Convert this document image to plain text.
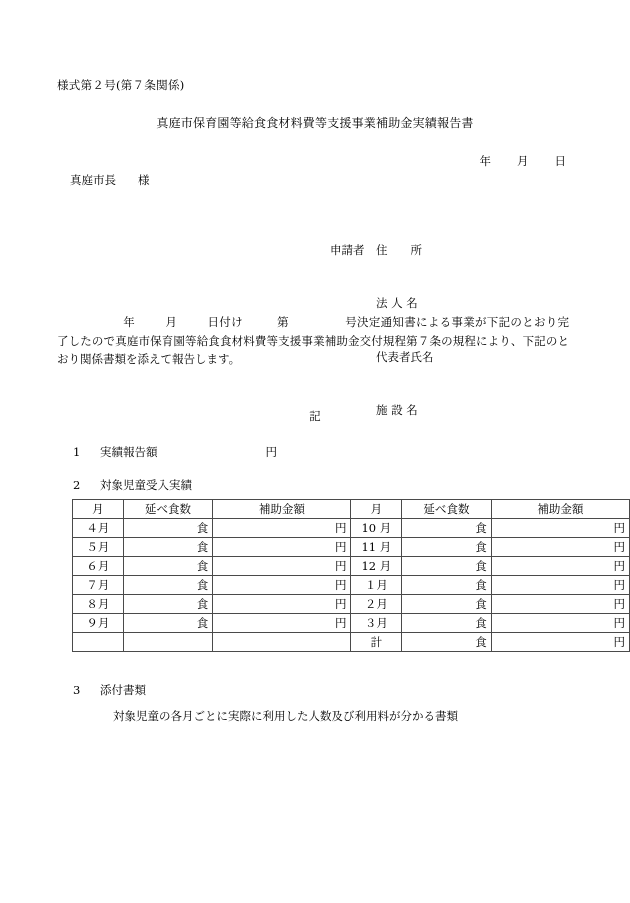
様式第２号(第７条関係)
真庭市保育園等給食食材料費等支援事業補助金実績報告書
年 月 日
真庭市長 様

申請者 住　　所

法 人 名

代表者氏名

施 設 名

年	月	日付け	第	号決定通知書による事業が下記のとおり完了したので真庭市保育園等給食食材料費等支援事業補助金交付規程第７条の規程により、下記のとおり関係書類を添えて報告します。
記
1 実績報告額	円
2 対象児童受入実績
月	延べ食数	補助金額	月	延べ食数	補助金額
４月	食	円	10 月	食	円
５月	食	円	11 月	食	円
６月	食	円	12 月	食	円
７月	食	円	１月	食	円
８月	食	円	２月	食	円
９月	食	円	３月	食	円
			計	食	円
3 添付書類
対象児童の各月ごとに実際に利用した人数及び利用料が分かる書類
